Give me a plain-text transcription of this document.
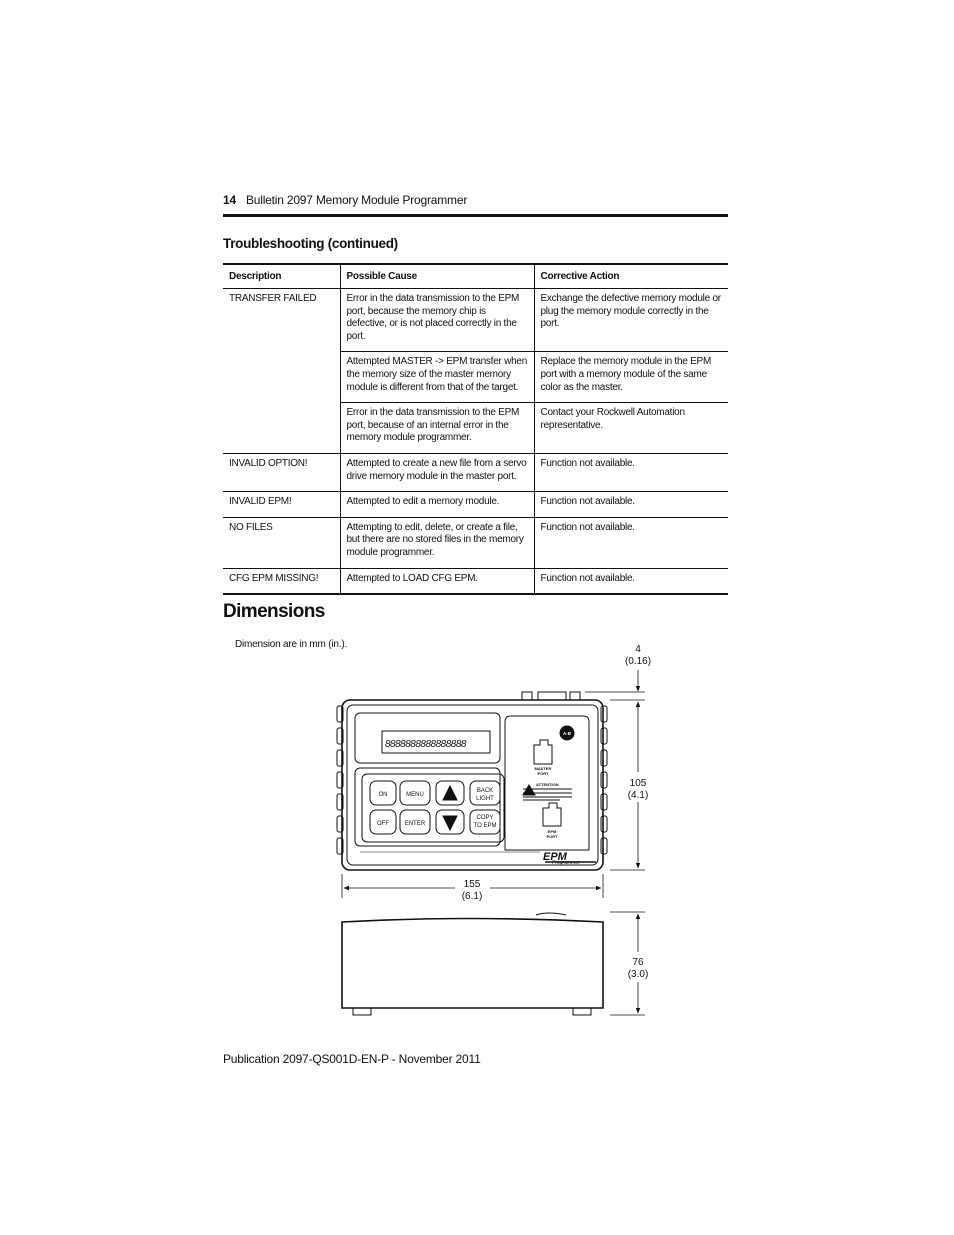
14 Bulletin 2097 Memory Module Programmer
Troubleshooting (continued)
Description	Possible Cause	Corrective Action
TRANSFER FAILED	Error in the data transmission to the EPM port, because the memory chip is defective, or is not placed correctly in the port.	Exchange the defective memory module or plug the memory module correctly in the port.
	Attempted MASTER -> EPM transfer when the memory size of the master memory module is different from that of the target.	Replace the memory module in the EPM port with a memory module of the same color as the master.
	Error in the data transmission to the EPM port, because of an internal error in the memory module programmer.	Contact your Rockwell Automation representative.
INVALID OPTION!	Attempted to create a new file from a servo drive memory module in the master port.	Function not available.
INVALID EPM!	Attempted to edit a memory module.	Function not available.
NO FILES	Attempting to edit, delete, or create a file, but there are no stored files in the memory module programmer.	Function not available.
CFG EPM MISSING!	Attempted to LOAD CFG EPM.	Function not available.
Dimensions
Dimension are in mm (in.).
8888888888888888
ON	MENU
BACK
LIGHT
OFF	ENTER
COPY
TO EPM
MASTER
PORT
EPM
PORT
ATTENTION
A-B
EPM
Programmer
4
(0.16)
105
(4.1)
155
(6.1)
76
(3.0)
Publication 2097-QS001D-EN-P - November 2011
